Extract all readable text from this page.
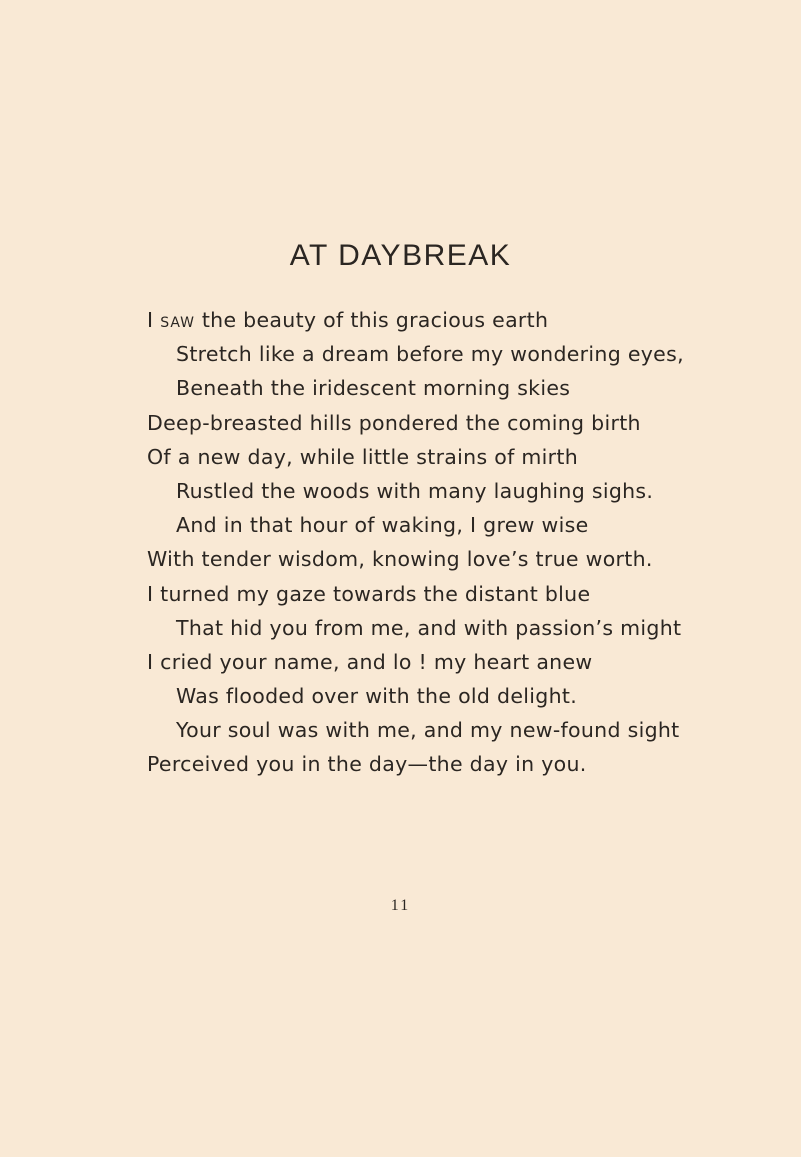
AT DAYBREAK
I saw the beauty of this gracious earth
Stretch like a dream before my wondering eyes,
Beneath the iridescent morning skies
Deep-breasted hills pondered the coming birth
Of a new day, while little strains of mirth
Rustled the woods with many laughing sighs.
And in that hour of waking, I grew wise
With tender wisdom, knowing love’s true worth.
I turned my gaze towards the distant blue
That hid you from me, and with passion’s might
I cried your name, and lo ! my heart anew
Was flooded over with the old delight.
Your soul was with me, and my new-found sight
Perceived you in the day—the day in you.
11
